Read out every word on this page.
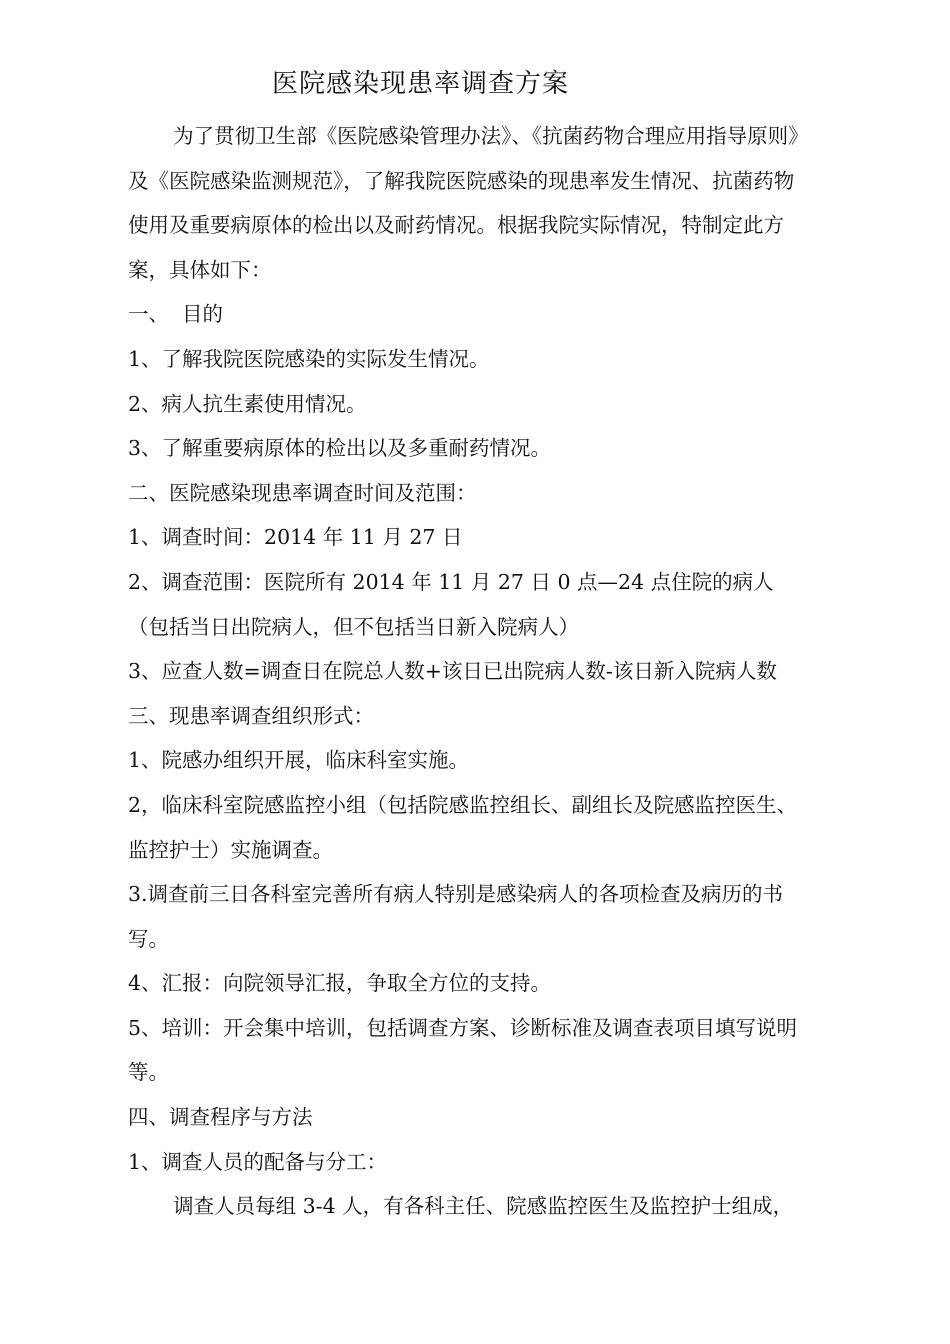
医院感染现患率调查方案

为了贯彻卫生部《医院感染管理办法》、《抗菌药物合理应用指导原则》及《医院感染监测规范》，了解我院医院感染的现患率发生情况、抗菌药物使用及重要病原体的检出以及耐药情况。根据我院实际情况，特制定此方案，具体如下：

一、  目的

1、了解我院医院感染的实际发生情况。

2、病人抗生素使用情况。

3、了解重要病原体的检出以及多重耐药情况。

二、医院感染现患率调查时间及范围：

1、调查时间：2014 年 11 月 27 日

2、调查范围：医院所有 2014 年 11 月 27 日 0 点—24 点住院的病人（包括当日出院病人，但不包括当日新入院病人）

3、应查人数=调查日在院总人数+该日已出院病人数-该日新入院病人数

三、现患率调查组织形式：

1、院感办组织开展，临床科室实施。

2，临床科室院感监控小组（包括院感监控组长、副组长及院感监控医生、监控护士）实施调查。

3.调查前三日各科室完善所有病人特别是感染病人的各项检查及病历的书写。

4、汇报：向院领导汇报，争取全方位的支持。

5、培训：开会集中培训，包括调查方案、诊断标准及调查表项目填写说明等。

四、调查程序与方法

1、调查人员的配备与分工：

调查人员每组 3-4 人，有各科主任、院感监控医生及监控护士组成，
